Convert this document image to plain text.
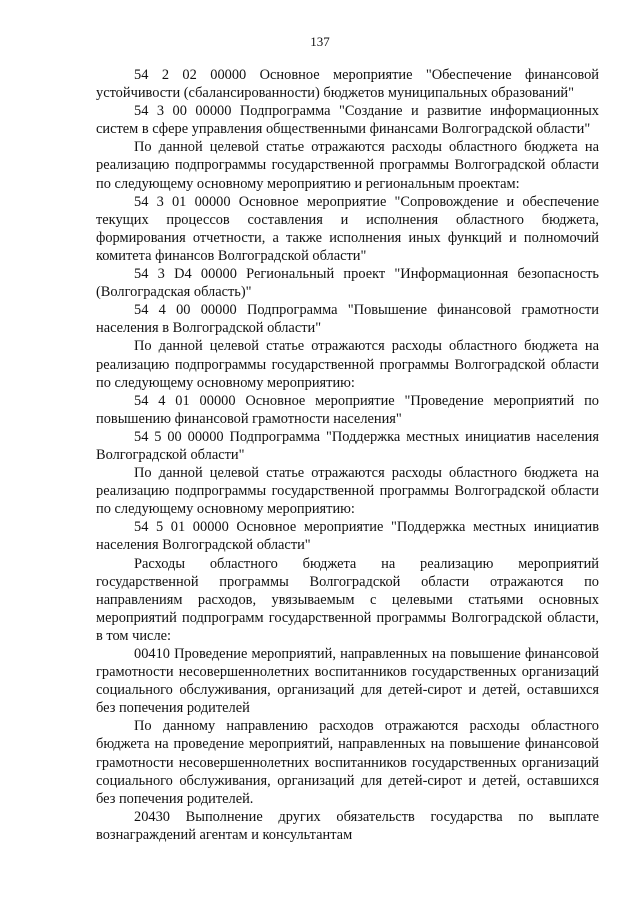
137

54 2 02 00000 Основное мероприятие "Обеспечение финансовой устойчивости (сбалансированности) бюджетов муниципальных образований"

54 3 00 00000 Подпрограмма "Создание и развитие информационных систем в сфере управления общественными финансами Волгоградской области"

По данной целевой статье отражаются расходы областного бюджета на реализацию подпрограммы государственной программы Волгоградской области по следующему основному мероприятию и региональным проектам:

54 3 01 00000 Основное мероприятие "Сопровождение и обеспечение текущих процессов составления и исполнения областного бюджета, формирования отчетности, а также исполнения иных функций и полномочий комитета финансов Волгоградской области"

54 3 D4 00000 Региональный проект "Информационная безопасность (Волгоградская область)"

54 4 00 00000 Подпрограмма "Повышение финансовой грамотности населения в Волгоградской области"

По данной целевой статье отражаются расходы областного бюджета на реализацию подпрограммы государственной программы Волгоградской области по следующему основному мероприятию:

54 4 01 00000 Основное мероприятие "Проведение мероприятий по повышению финансовой грамотности населения"

54 5 00 00000 Подпрограмма "Поддержка местных инициатив населения Волгоградской области"

По данной целевой статье отражаются расходы областного бюджета на реализацию подпрограммы государственной программы Волгоградской области по следующему основному мероприятию:

54 5 01 00000 Основное мероприятие "Поддержка местных инициатив населения Волгоградской области"

Расходы областного бюджета на реализацию мероприятий государственной программы Волгоградской области отражаются по направлениям расходов, увязываемым с целевыми статьями основных мероприятий подпрограмм государственной программы Волгоградской области, в том числе:

00410 Проведение мероприятий, направленных на повышение финансовой грамотности несовершеннолетних воспитанников государственных организаций социального обслуживания, организаций для детей-сирот и детей, оставшихся без попечения родителей

По данному направлению расходов отражаются расходы областного бюджета на проведение мероприятий, направленных на повышение финансовой грамотности несовершеннолетних воспитанников государственных организаций социального обслуживания, организаций для детей-сирот и детей, оставшихся без попечения родителей.

20430 Выполнение других обязательств государства по выплате вознаграждений агентам и консультантам
